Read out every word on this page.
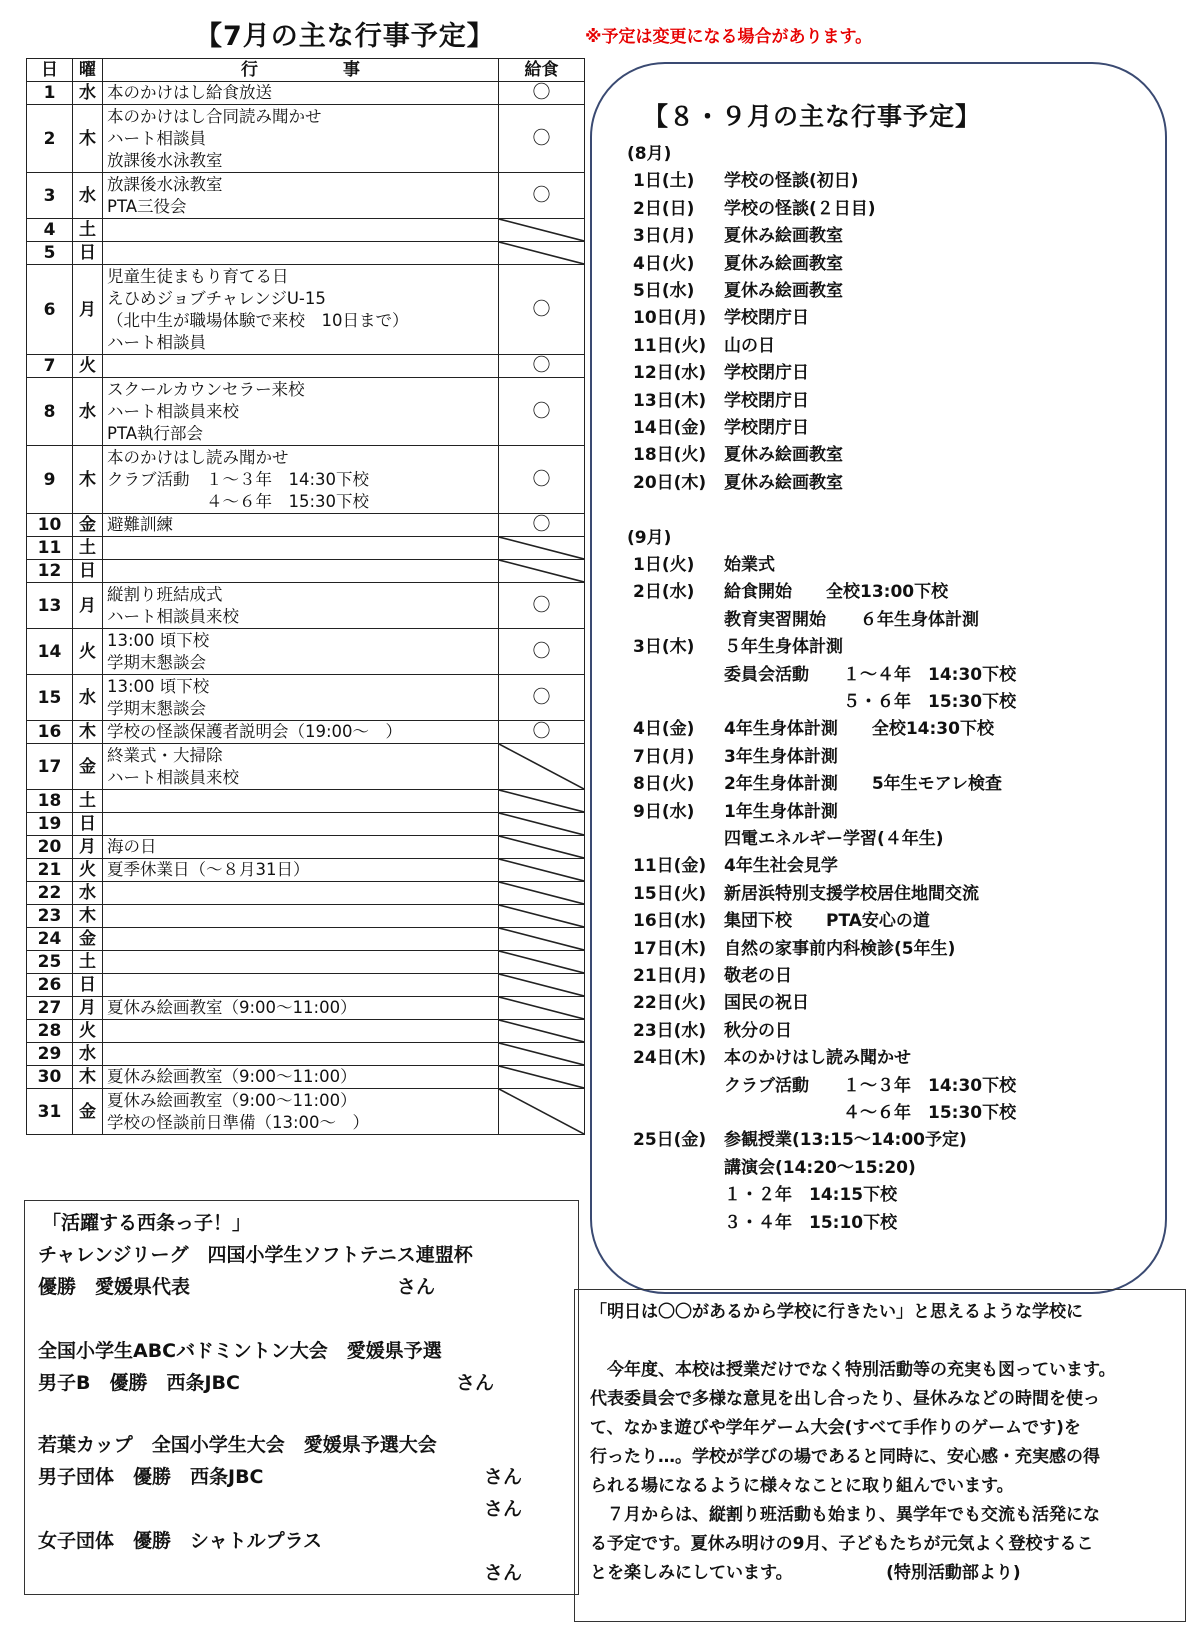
【7月の主な行事予定】	※予定は変更になる場合があります。
日	曜	行　　　　　事	給食
1	水	本のかけはし給食放送	〇
2	木	本のかけはし合同読み聞かせ
ハート相談員
放課後水泳教室	〇
3	水	放課後水泳教室
PTA三役会	〇
4	土	

5	日	

6	月	児童生徒まもり育てる日
えひめジョブチャレンジU-15
（北中生が職場体験で来校　10日まで）
ハート相談員	〇
7	火		〇
8	水	スクールカウンセラー来校
ハート相談員来校
PTA執行部会	〇
9	木	本のかけはし読み聞かせ
クラブ活動　１～３年　14:30下校
　　　　　　４～６年　15:30下校	〇
10	金	避難訓練	〇
11	土	

12	日	

13	月	縦割り班結成式
ハート相談員来校	〇
14	火	13:00 頃下校
学期末懇談会	〇
15	水	13:00 頃下校
学期末懇談会	〇
16	木	学校の怪談保護者説明会（19:00～　）	〇
17	金	終業式・大掃除
ハート相談員来校

18	土	

19	日	

20	月	海の日

21	火	夏季休業日（～８月31日）

22	水	

23	木	

24	金	

25	土	

26	日	

27	月	夏休み絵画教室（9:00～11:00）

28	火	

29	水	

30	木	夏休み絵画教室（9:00～11:00）

31	金	夏休み絵画教室（9:00～11:00）
学校の怪談前日準備（13:00～　）

【８・９月の主な行事予定】
(8月)
1日(土) 学校の怪談(初日)
2日(日) 学校の怪談(２日目)
3日(月) 夏休み絵画教室
4日(火) 夏休み絵画教室
5日(水) 夏休み絵画教室
10日(月) 学校閉庁日
11日(火) 山の日
12日(水) 学校閉庁日
13日(木) 学校閉庁日
14日(金) 学校閉庁日
18日(火) 夏休み絵画教室
20日(木) 夏休み絵画教室
(9月)
1日(火) 始業式
2日(水) 給食開始　　全校13:00下校
教育実習開始　　６年生身体計測
3日(木) ５年生身体計測
委員会活動　　１～４年　14:30下校
　　　　　　　５・６年　15:30下校
4日(金) 4年生身体計測　　全校14:30下校
7日(月) 3年生身体計測
8日(火) 2年生身体計測　　5年生モアレ検査
9日(水) 1年生身体計測
四電エネルギー学習(４年生)
11日(金) 4年生社会見学
15日(火) 新居浜特別支援学校居住地間交流
16日(水) 集団下校　　PTA安心の道
17日(木) 自然の家事前内科検診(5年生)
21日(月) 敬老の日
22日(火) 国民の祝日
23日(水) 秋分の日
24日(木) 本のかけはし読み聞かせ
クラブ活動　　１～３年　14:30下校
　　　　　　　４～６年　15:30下校
25日(金) 参観授業(13:15～14:00予定)
講演会(14:20～15:20)
１・２年　14:15下校
３・４年　15:10下校
「活躍する西条っ子！」
チャレンジリーグ　四国小学生ソフトテニス連盟杯
優勝　愛媛県代表	さん
全国小学生ABCバドミントン大会　愛媛県予選
男子B　優勝　西条JBC	さん
若葉カップ　全国小学生大会　愛媛県予選大会
男子団体　優勝　西条JBC	さん
さん
女子団体　優勝　シャトルプラス
さん
「明日は〇〇があるから学校に行きたい」と思えるような学校に
　今年度、本校は授業だけでなく特別活動等の充実も図っています。
代表委員会で多様な意見を出し合ったり、昼休みなどの時間を使っ
て、なかま遊びや学年ゲーム大会(すべて手作りのゲームです)を
行ったり…。学校が学びの場であると同時に、安心感・充実感の得
られる場になるように様々なことに取り組んでいます。
　７月からは、縦割り班活動も始まり、異学年でも交流も活発にな
る予定です。夏休み明けの9月、子どもたちが元気よく登校するこ
とを楽しみにしています。　　　　　　(特別活動部より)
